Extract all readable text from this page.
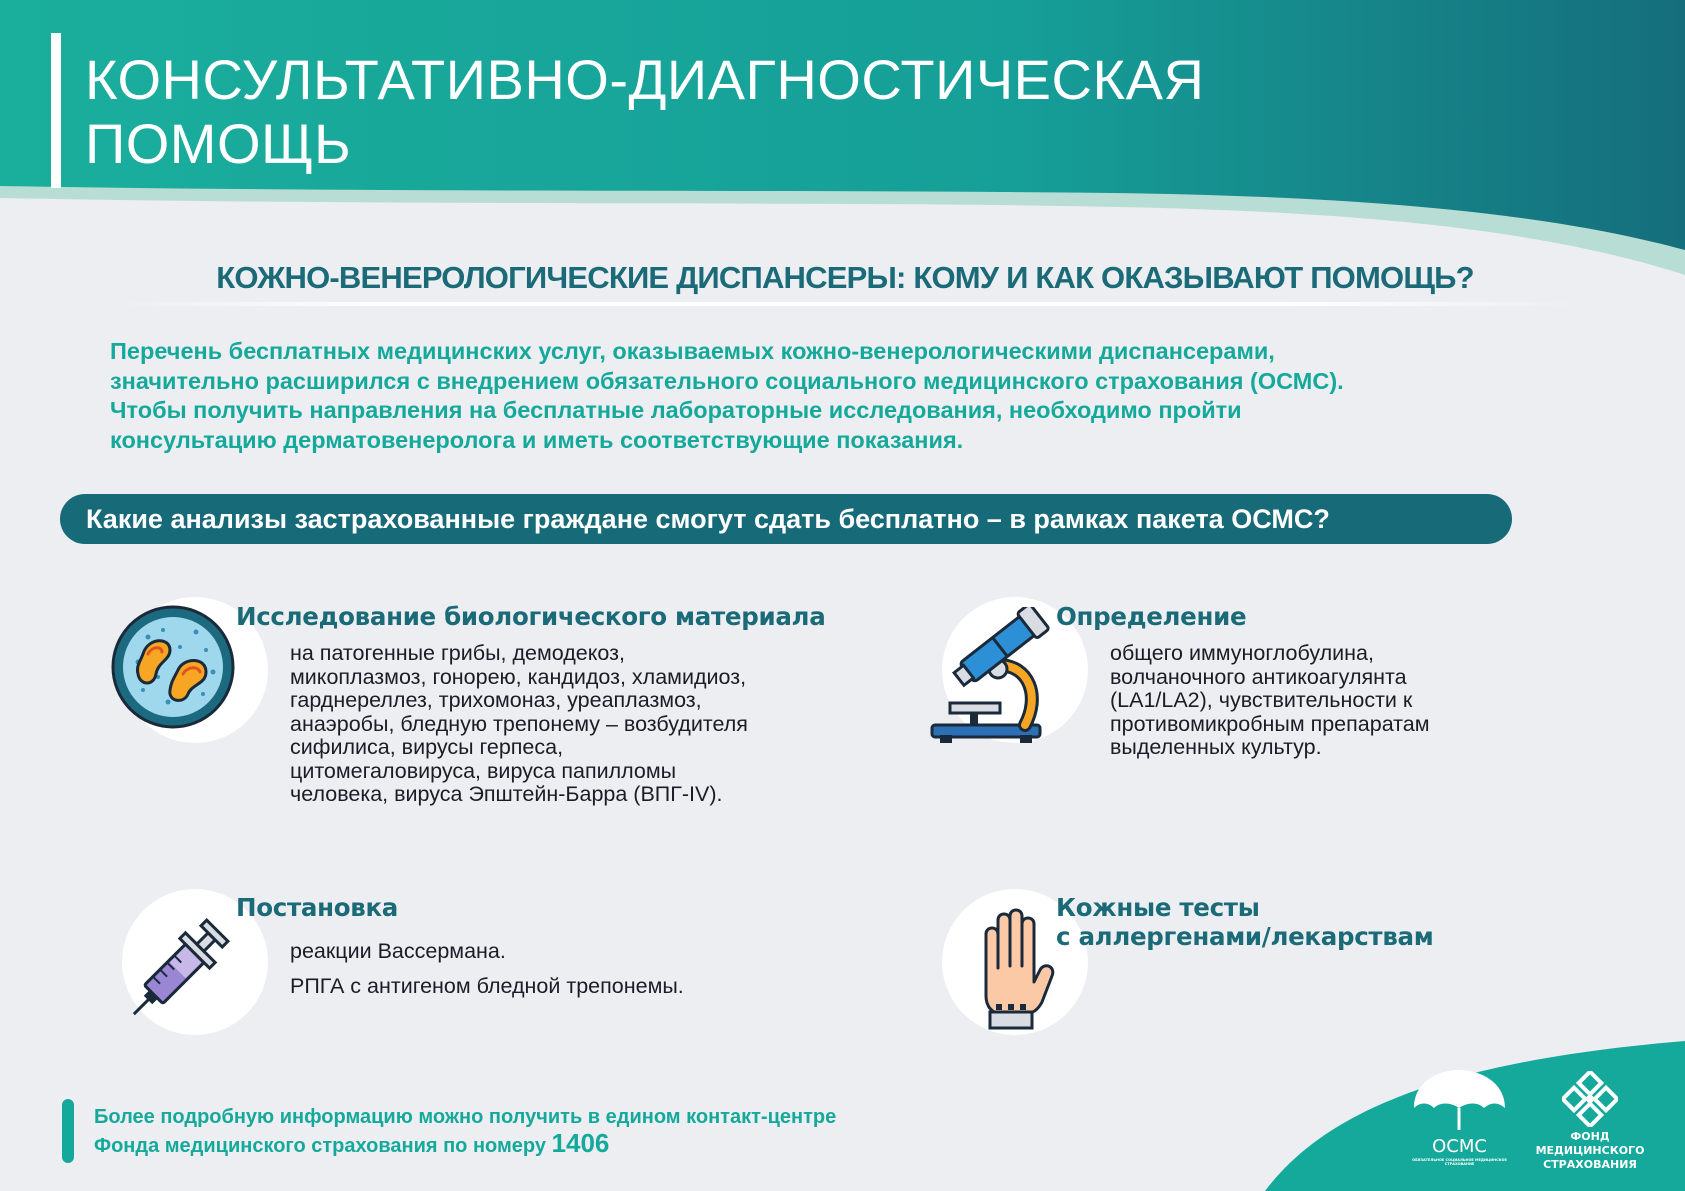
КОНСУЛЬТАТИВНО-ДИАГНОСТИЧЕСКАЯ
ПОМОЩЬ
КОЖНО-ВЕНЕРОЛОГИЧЕСКИЕ ДИСПАНСЕРЫ: КОМУ И КАК ОКАЗЫВАЮТ ПОМОЩЬ?

Перечень бесплатных медицинских услуг, оказываемых кожно-венерологическими диспансерами,
значительно расширился с внедрением обязательного социального медицинского страхования (ОСМС).
Чтобы получить направления на бесплатные лабораторные исследования, необходимо пройти
консультацию дерматовенеролога и иметь соответствующие показания.

Какие анализы застрахованные граждане смогут сдать бесплатно – в рамках пакета ОСМС?
Исследование биологического материала

на патогенные грибы, демодекоз,
микоплазмоз, гонорею, кандидоз, хламидиоз,
гарднереллез, трихомоназ, уреаплазмоз,
анаэробы, бледную трепонему – возбудителя
сифилиса, вирусы герпеса,
цитомегаловируса, вируса папилломы
человека, вируса Эпштейн-Барра (ВПГ-IV).

Определение

общего иммуноглобулина,
волчаночного антикоагулянта
(LA1/LA2), чувствительности к
противомикробным препаратам
выделенных культур.

Постановка

реакции Вассермана.
РПГА с антигеном бледной трепонемы.

Кожные тесты
с аллергенами/лекарствам

Более подробную информацию можно получить в едином контакт-центре
Фонда медицинского страхования по номеру 1406	ОСМС
ОБЯЗАТЕЛЬНОЕ СОЦИАЛЬНОЕ МЕДИЦИНСКОЕ СТРАХОВАНИЕ
ФОНД
МЕДИЦИНСКОГО
СТРАХОВАНИЯ
